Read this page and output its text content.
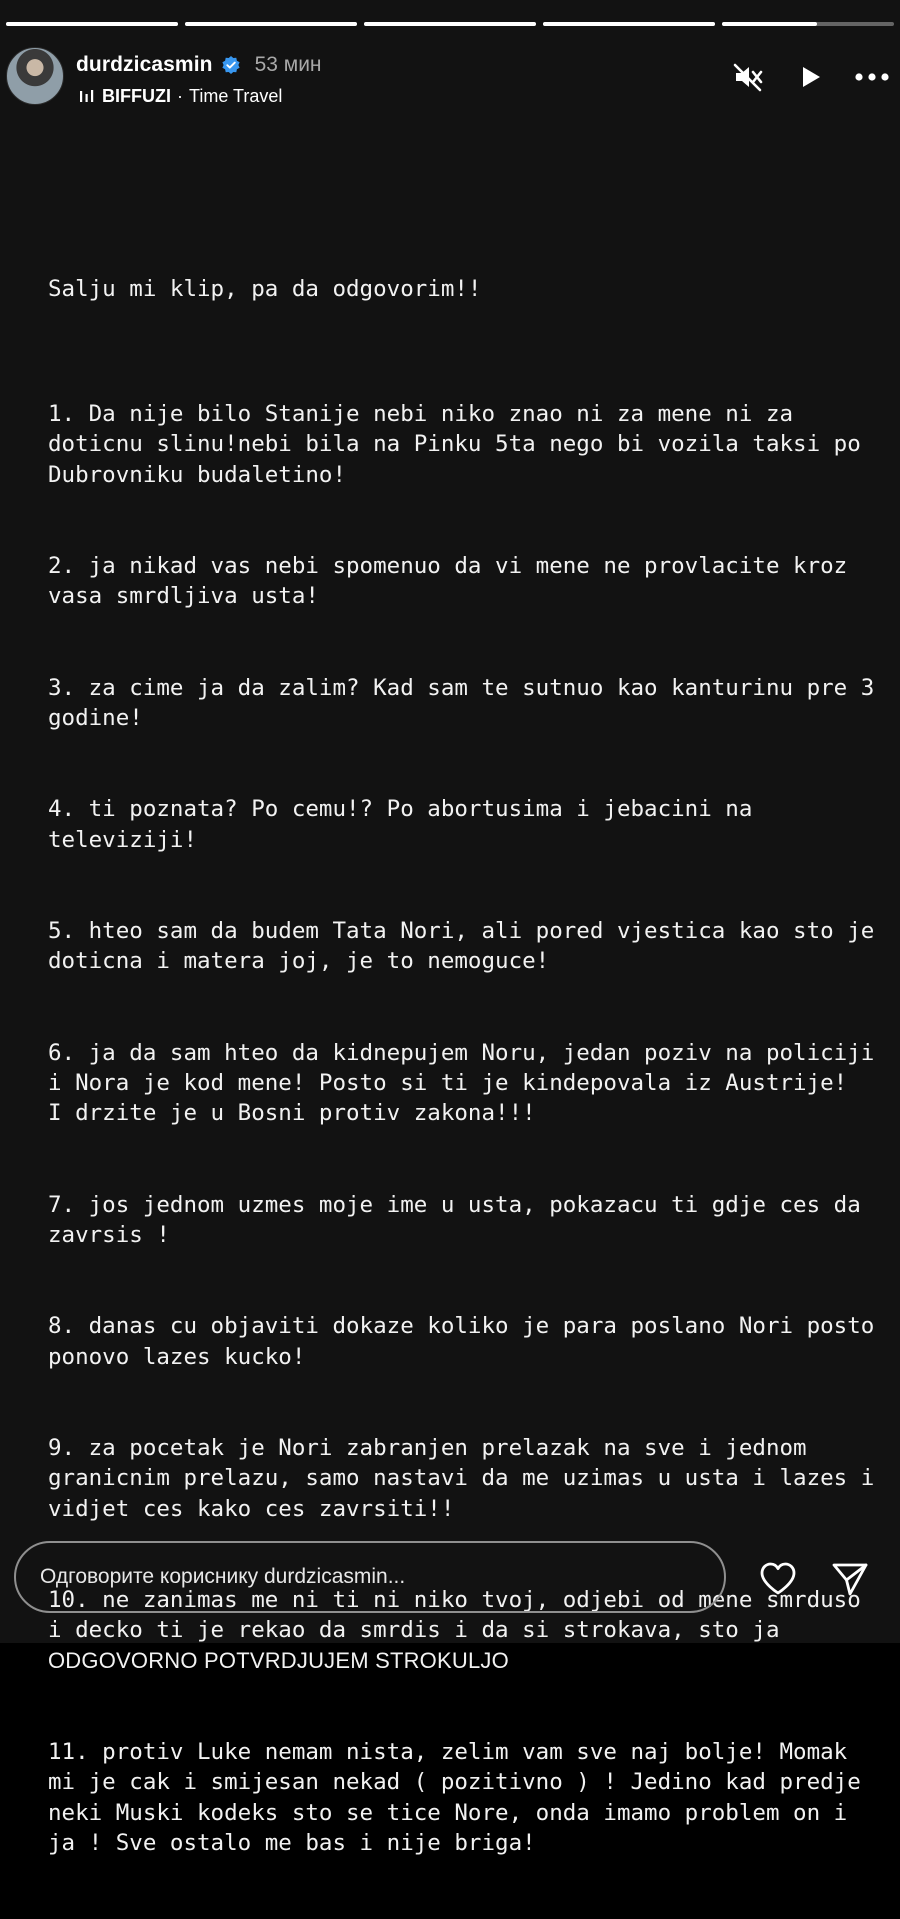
durdzicasmin 53 мин
BIFFUZI · Time Travel

Salju mi klip, pa da odgovorim!!

1. Da nije bilo Stanije nebi niko znao ni za mene ni za doticnu slinu!nebi bila na Pinku 5ta nego bi vozila taksi po Dubrovniku budaletino!

2. ja nikad vas nebi spomenuo da vi mene ne provlacite kroz vasa smrdljiva usta!

3. za cime ja da zalim? Kad sam te sutnuo kao kanturinu pre 3 godine!

4. ti poznata? Po cemu!? Po abortusima i jebacini na televiziji!

5. hteo sam da budem Tata Nori, ali pored vjestica kao sto je doticna i matera joj, je to nemoguce!

6. ja da sam hteo da kidnepujem Noru, jedan poziv na policiji i Nora je kod mene! Posto si ti je kindepovala iz Austrije!  I drzite je u Bosni protiv zakona!!!

7. jos jednom uzmes moje ime u usta, pokazacu ti gdje ces da zavrsis !

8. danas cu objaviti dokaze koliko je para poslano Nori posto ponovo lazes kucko!

9. za pocetak je Nori zabranjen prelazak na sve i jednom granicnim prelazu, samo nastavi da me uzimas u usta i lazes i vidjet ces kako ces zavrsiti!!

10. ne zanimas me ni ti ni niko tvoj, odjebi od mene smrduso i decko ti je rekao da smrdis i da si strokava, sto ja ODGOVORNO POTVRDJUJEM STROKULJO

11. protiv Luke nemam nista, zelim vam sve naj bolje! Momak mi je cak i smijesan nekad ( pozitivno ) ! Jedino kad predje neki Muski kodeks sto se tice Nore, onda imamo problem on i ja ! Sve ostalo me bas i nije briga!

Одговорите кориснику durdzicasmin...
